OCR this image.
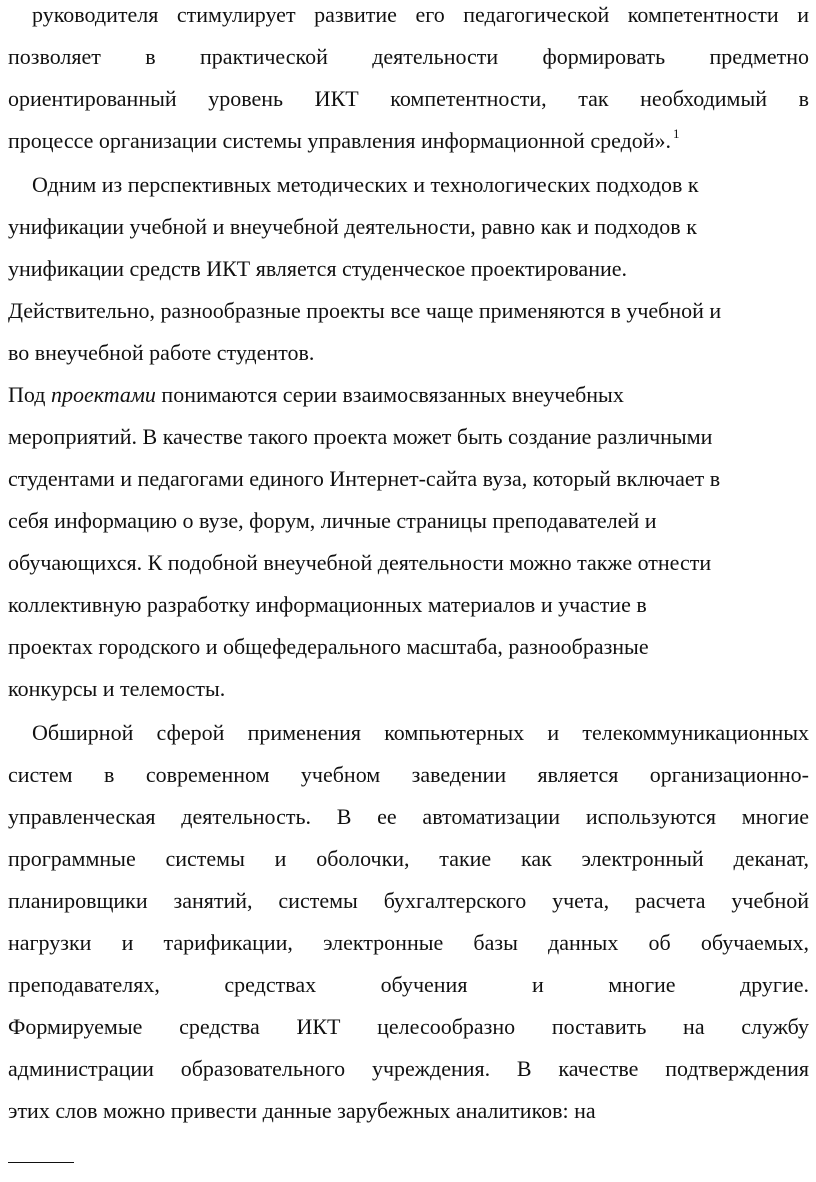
руководителя стимулирует развитие его педагогической компетентности и
позволяет в практической деятельности формировать предметно
ориентированный уровень ИКТ компетентности, так необходимый в
процессе организации системы управления информационной средой». $^1$
Одним из перспективных методических и технологических подходов к
унификации учебной и внеучебной деятельности, равно как и подходов к
унификации средств ИКТ является студенческое проектирование.
Действительно, разнообразные проекты все чаще применяются в учебной и
во внеучебной работе студентов.
Под проектами понимаются серии взаимосвязанных внеучебных
мероприятий. В качестве такого проекта может быть создание различными
студентами и педагогами единого Интернет-сайта вуза, который включает в
себя информацию о вузе, форум, личные страницы преподавателей и
обучающихся. К подобной внеучебной деятельности можно также отнести
коллективную разработку информационных материалов и участие в
проектах городского и общефедерального масштаба, разнообразные
конкурсы и телемосты.
Обширной сферой применения компьютерных и телекоммуникационных
систем в современном учебном заведении является организационно-
управленческая деятельность. В ее автоматизации используются многие
программные системы и оболочки, такие как электронный деканат,
планировщики занятий, системы бухгалтерского учета, расчета учебной
нагрузки и тарификации, электронные базы данных об обучаемых,
преподавателях, средствах обучения и многие другие.
Формируемые средства ИКТ целесообразно поставить на службу
администрации образовательного учреждения. В качестве подтверждения
этих слов можно привести данные зарубежных аналитиков: на
